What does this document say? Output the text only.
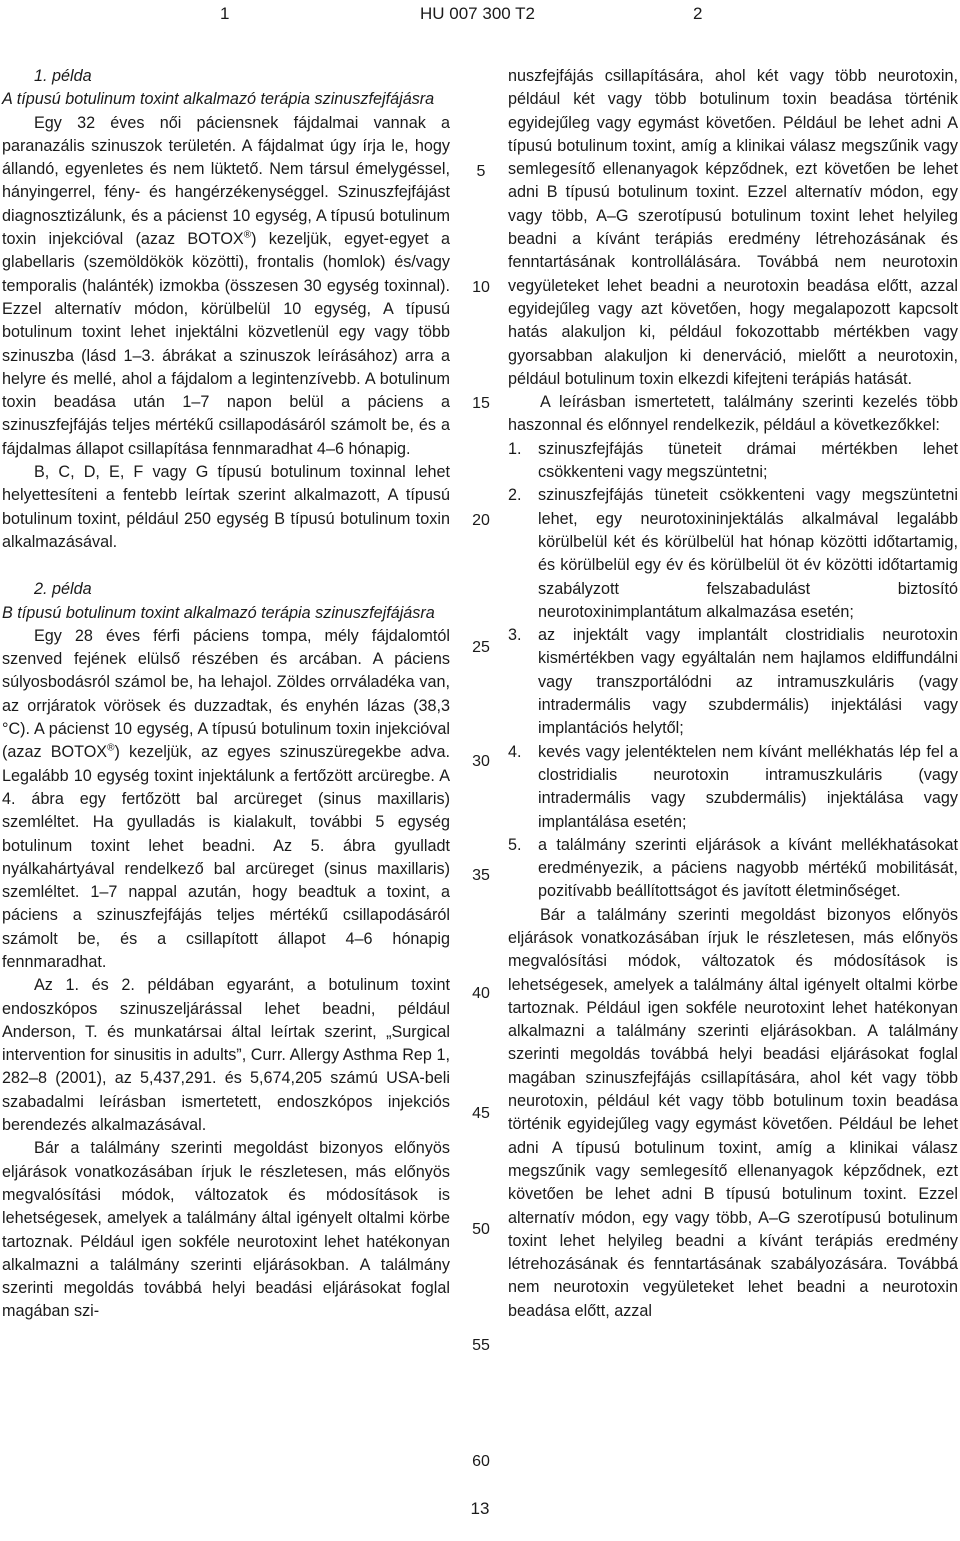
1	HU 007 300 T2	2

1. példa

A típusú botulinum toxint alkalmazó terápia szinuszfejfájásra

Egy 32 éves női páciensnek fájdalmai vannak a paranazális szinuszok területén. A fájdalmat úgy írja le, hogy állandó, egyenletes és nem lüktető. Nem társul émelygéssel, hányingerrel, fény- és hangérzékenységgel. Szinuszfejfájást diagnosztizálunk, és a pácienst 10 egység, A típusú botulinum toxin injekcióval (azaz BOTOX®) kezeljük, egyet-egyet a glabellaris (szemöldökök közötti), frontalis (homlok) és/vagy temporalis (halánték) izmokba (összesen 30 egység toxinnal). Ezzel alternatív módon, körülbelül 10 egység, A típusú botulinum toxint lehet injektálni közvetlenül egy vagy több szinuszba (lásd 1–3. ábrákat a szinuszok leírásához) arra a helyre és mellé, ahol a fájdalom a legintenzívebb. A botulinum toxin beadása után 1–7 napon belül a páciens a szinuszfejfájás teljes mértékű csillapodásáról számolt be, és a fájdalmas állapot csillapítása fennmaradhat 4–6 hónapig.

B, C, D, E, F vagy G típusú botulinum toxinnal lehet helyettesíteni a fentebb leírtak szerint alkalmazott, A típusú botulinum toxint, például 250 egység B típusú botulinum toxin alkalmazásával.

2. példa

B típusú botulinum toxint alkalmazó terápia szinuszfejfájásra

Egy 28 éves férfi páciens tompa, mély fájdalomtól szenved fejének elülső részében és arcában. A páciens súlyosbodásról számol be, ha lehajol. Zöldes orrváladéka van, az orrjáratok vörösek és duzzadtak, és enyhén lázas (38,3 °C). A pácienst 10 egység, A típusú botulinum toxin injekcióval (azaz BOTOX®) kezeljük, az egyes szinuszüregekbe adva. Legalább 10 egység toxint injektálunk a fertőzött arcüregbe. A 4. ábra egy fertőzött bal arcüreget (sinus maxillaris) szemléltet. Ha gyulladás is kialakult, további 5 egység botulinum toxint lehet beadni. Az 5. ábra gyulladt nyálkahártyával rendelkező bal arcüreget (sinus maxillaris) szemléltet. 1–7 nappal azután, hogy beadtuk a toxint, a páciens a szinuszfejfájás teljes mértékű csillapodásáról számolt be, és a csillapított állapot 4–6 hónapig fennmaradhat.

Az 1. és 2. példában egyaránt, a botulinum toxint endoszkópos szinuszeljárással lehet beadni, például Anderson, T. és munkatársai által leírtak szerint, „Surgical intervention for sinusitis in adults”, Curr. Allergy Asthma Rep 1, 282–8 (2001), az 5,437,291. és 5,674,205 számú USA-beli szabadalmi leírásban ismertetett, endoszkópos injekciós berendezés alkalmazásával.

Bár a találmány szerinti megoldást bizonyos előnyös eljárások vonatkozásában írjuk le részletesen, más előnyös megvalósítási módok, változatok és módosítások is lehetségesek, amelyek a találmány által igényelt oltalmi körbe tartoznak. Például igen sokféle neurotoxint lehet hatékonyan alkalmazni a találmány szerinti eljárásokban. A találmány szerinti megoldás továbbá helyi beadási eljárásokat foglal magában szi-

5
10
15
20
25
30
35
40
45
50
55
60

nuszfejfájás csillapítására, ahol két vagy több neurotoxin, például két vagy több botulinum toxin beadása történik egyidejűleg vagy egymást követően. Például be lehet adni A típusú botulinum toxint, amíg a klinikai válasz megszűnik vagy semlegesítő ellenanyagok képződnek, ezt követően be lehet adni B típusú botulinum toxint. Ezzel alternatív módon, egy vagy több, A–G szerotípusú botulinum toxint lehet helyileg beadni a kívánt terápiás eredmény létrehozásának és fenntartásának kontrollálására. Továbbá nem neurotoxin vegyületeket lehet beadni a neurotoxin beadása előtt, azzal egyidejűleg vagy azt követően, hogy megalapozott kapcsolt hatás alakuljon ki, például fokozottabb mértékben vagy gyorsabban alakuljon ki denerváció, mielőtt a neurotoxin, például botulinum toxin elkezdi kifejteni terápiás hatását.

A leírásban ismertetett, találmány szerinti kezelés több haszonnal és előnnyel rendelkezik, például a következőkkel:

1. szinuszfejfájás tüneteit drámai mértékben lehet csökkenteni vagy megszüntetni;
2. szinuszfejfájás tüneteit csökkenteni vagy megszüntetni lehet, egy neurotoxininjektálás alkalmával legalább körülbelül két és körülbelül hat hónap közötti időtartamig, és körülbelül egy év és körülbelül öt év közötti időtartamig szabályzott felszabadulást biztosító neurotoxinimplantátum alkalmazása esetén;
3. az injektált vagy implantált clostridialis neurotoxin kismértékben vagy egyáltalán nem hajlamos eldiffundálni vagy transzportálódni az intramuszkuláris (vagy intradermális vagy szubdermális) injektálási vagy implantációs helytől;
4. kevés vagy jelentéktelen nem kívánt mellékhatás lép fel a clostridialis neurotoxin intramuszkuláris (vagy intradermális vagy szubdermális) injektálása vagy implantálása esetén;
5. a találmány szerinti eljárások a kívánt mellékhatásokat eredményezik, a páciens nagyobb mértékű mobilitását, pozitívabb beállítottságot és javított életminőséget.

Bár a találmány szerinti megoldást bizonyos előnyös eljárások vonatkozásában írjuk le részletesen, más előnyös megvalósítási módok, változatok és módosítások is lehetségesek, amelyek a találmány által igényelt oltalmi körbe tartoznak. Például igen sokféle neurotoxint lehet hatékonyan alkalmazni a találmány szerinti eljárásokban. A találmány szerinti megoldás továbbá helyi beadási eljárásokat foglal magában szinuszfejfájás csillapítására, ahol két vagy több neurotoxin, például két vagy több botulinum toxin beadása történik egyidejűleg vagy egymást követően. Például be lehet adni A típusú botulinum toxint, amíg a klinikai válasz megszűnik vagy semlegesítő ellenanyagok képződnek, ezt követően be lehet adni B típusú botulinum toxint. Ezzel alternatív módon, egy vagy több, A–G szerotípusú botulinum toxint lehet helyileg beadni a kívánt terápiás eredmény létrehozásának és fenntartásának szabályozására. Továbbá nem neurotoxin vegyületeket lehet beadni a neurotoxin beadása előtt, azzal

13
